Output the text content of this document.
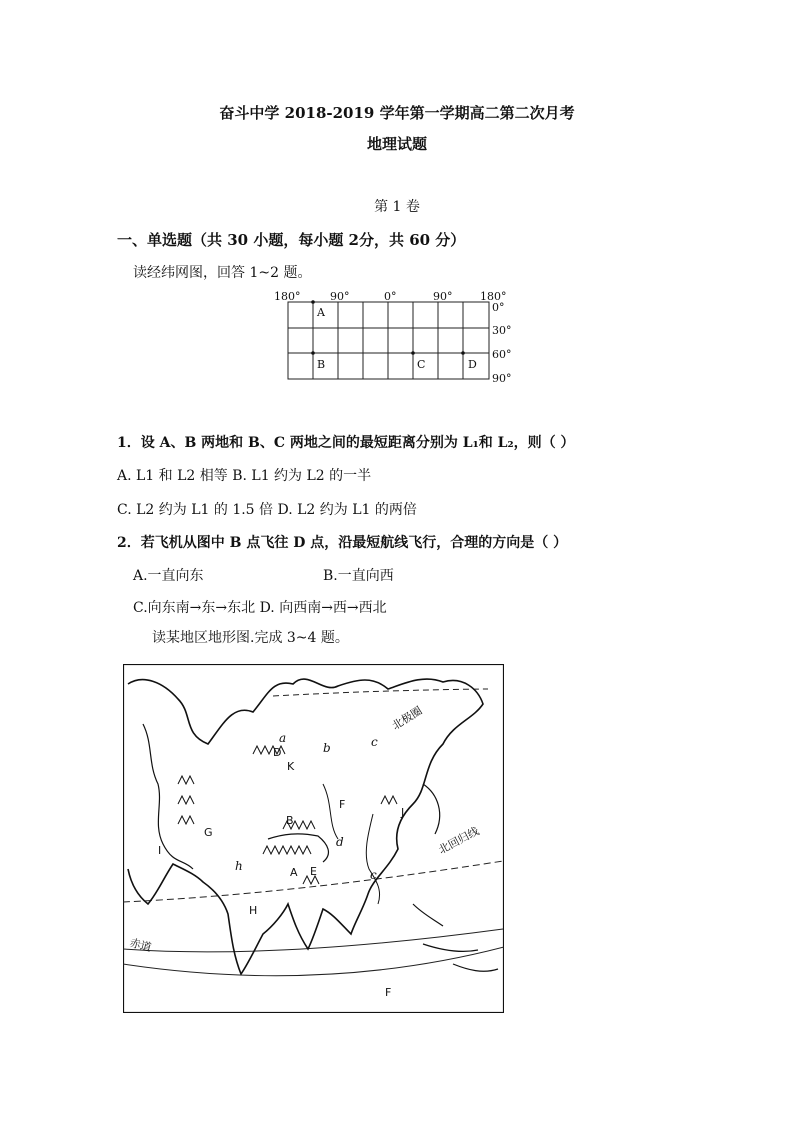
奋斗中学 2018-2019 学年第一学期高二第二次月考
地理试题
第 1 卷
一、单选题（共 30 小题，每小题 2分，共 60 分）
读经纬网图，回答 1~2 题。
180°	90°	0°	90°	180°
A
B	C	D
0°
30°
60°
90°
1．设 A、B 两地和 B、C 两地之间的最短距离分别为 L₁和 L₂，则（ ）
A. L1 和 L2 相等 B. L1 约为 L2 的一半
C. L2 约为 L1 的 1.5 倍 D. L2 约为 L1 的两倍
2．若飞机从图中 B 点飞往 D 点，沿最短航线飞行，合理的方向是（ ）
A.一直向东	B.一直向西
C.向东南→东→东北 D. 向西南→西→西北
读某地区地形图.完成 3~4 题。
a
D
K
b	c
北极圈
F
B
J
G
I
d
h	A E	c
北回归线
H
赤道
F
